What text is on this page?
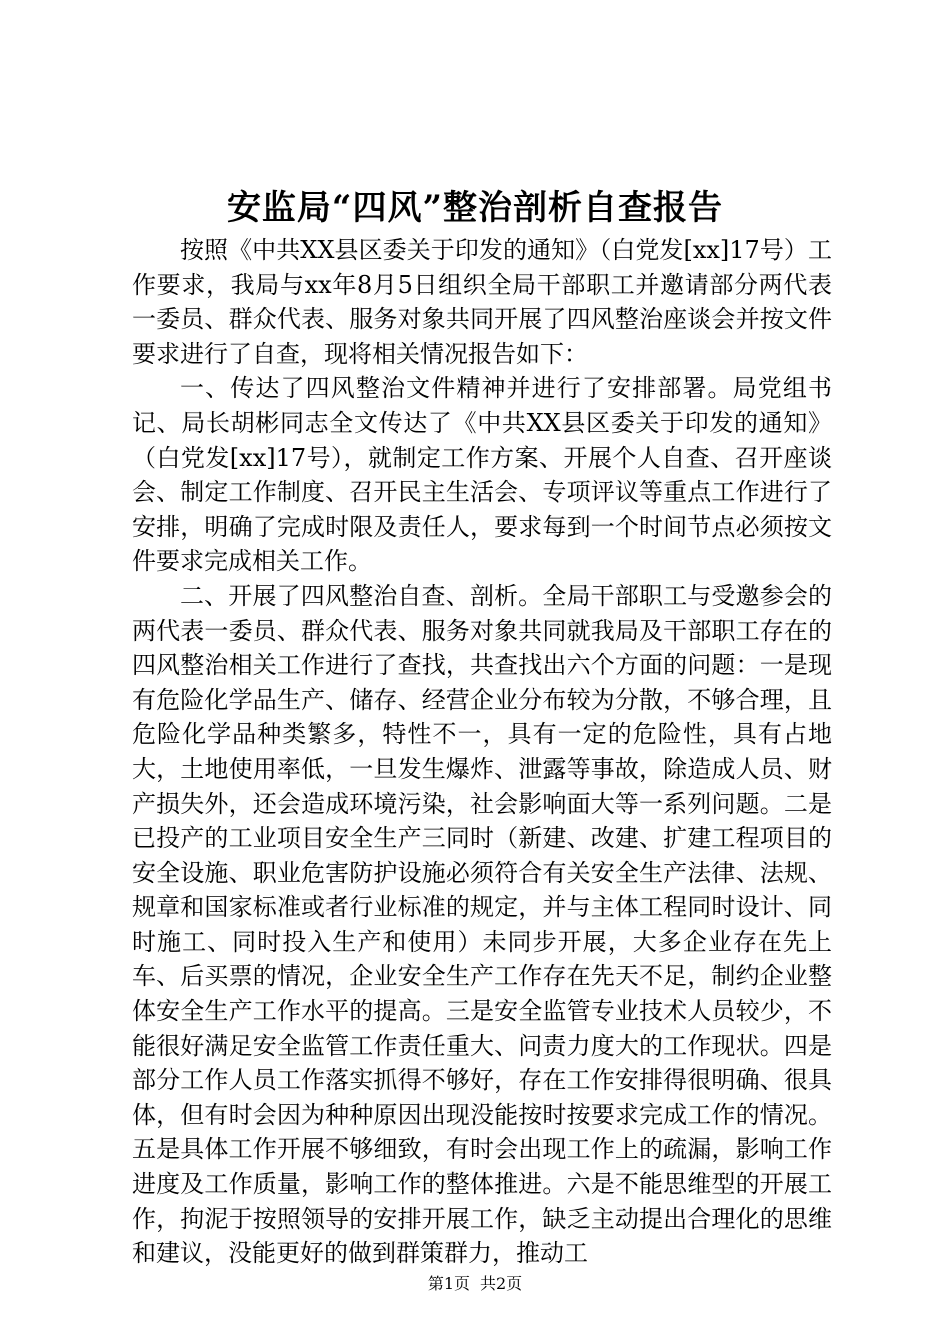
安监局“四风”整治剖析自查报告

按照《中共XX县区委关于印发的通知》（白党发[xx]17号）工作要求，我局与xx年8月5日组织全局干部职工并邀请部分两代表一委员、群众代表、服务对象共同开展了四风整治座谈会并按文件要求进行了自查，现将相关情况报告如下：

一、传达了四风整治文件精神并进行了安排部署。局党组书记、局长胡彬同志全文传达了《中共XX县区委关于印发的通知》（白党发[xx]17号），就制定工作方案、开展个人自查、召开座谈会、制定工作制度、召开民主生活会、专项评议等重点工作进行了安排，明确了完成时限及责任人，要求每到一个时间节点必须按文件要求完成相关工作。

二、开展了四风整治自查、剖析。全局干部职工与受邀参会的两代表一委员、群众代表、服务对象共同就我局及干部职工存在的四风整治相关工作进行了查找，共查找出六个方面的问题：一是现有危险化学品生产、储存、经营企业分布较为分散，不够合理，且危险化学品种类繁多，特性不一，具有一定的危险性，具有占地大，土地使用率低，一旦发生爆炸、泄露等事故，除造成人员、财产损失外，还会造成环境污染，社会影响面大等一系列问题。二是已投产的工业项目安全生产三同时（新建、改建、扩建工程项目的安全设施、职业危害防护设施必须符合有关安全生产法律、法规、规章和国家标准或者行业标准的规定，并与主体工程同时设计、同时施工、同时投入生产和使用）未同步开展，大多企业存在先上车、后买票的情况，企业安全生产工作存在先天不足，制约企业整体安全生产工作水平的提高。三是安全监管专业技术人员较少，不能很好满足安全监管工作责任重大、问责力度大的工作现状。四是部分工作人员工作落实抓得不够好，存在工作安排得很明确、很具体，但有时会因为种种原因出现没能按时按要求完成工作的情况。五是具体工作开展不够细致，有时会出现工作上的疏漏，影响工作进度及工作质量，影响工作的整体推进。六是不能思维型的开展工作，拘泥于按照领导的安排开展工作，缺乏主动提出合理化的思维和建议，没能更好的做到群策群力，推动工

第1页 共2页
